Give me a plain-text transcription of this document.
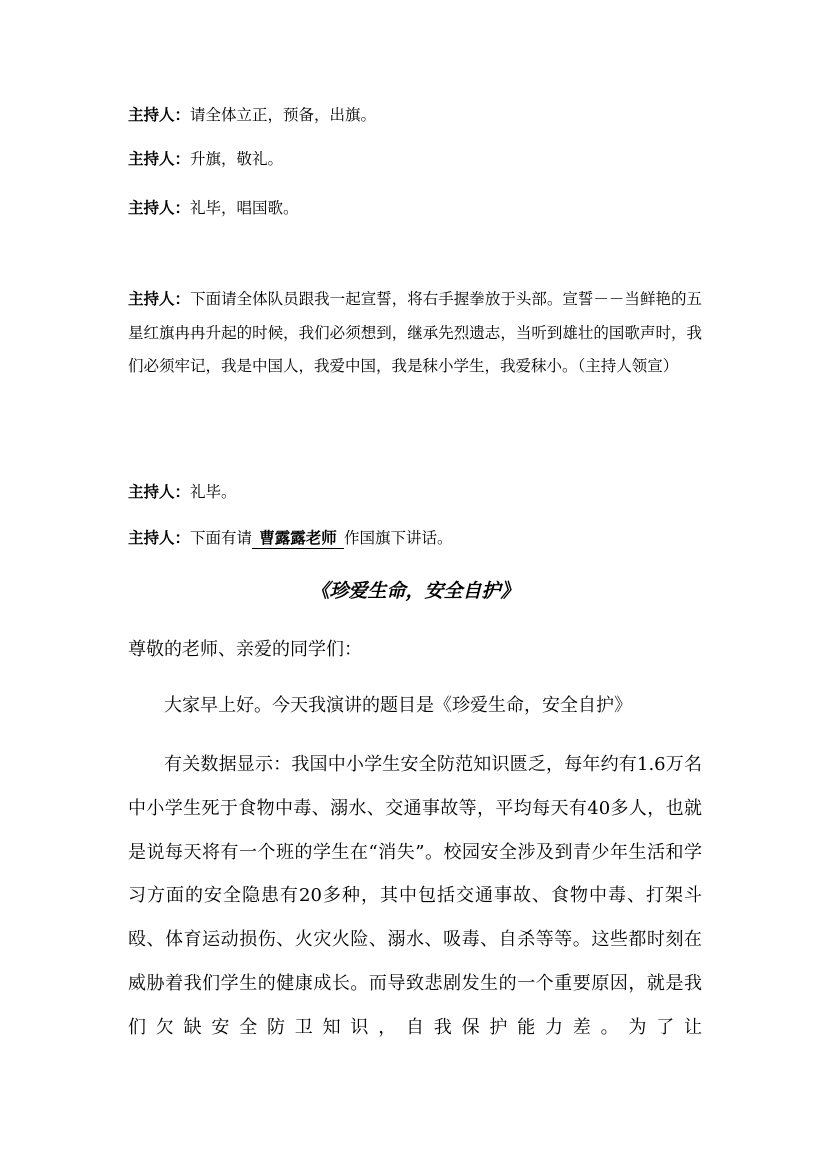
主持人：请全体立正，预备，出旗。

主持人：升旗，敬礼。

主持人：礼毕，唱国歌。

主持人：下面请全体队员跟我一起宣誓，将右手握拳放于头部。宣誓－－当鲜艳的五星红旗冉冉升起的时候，我们必须想到，继承先烈遗志，当听到雄壮的国歌声时，我们必须牢记，我是中国人，我爱中国，我是秣小学生，我爱秣小。（主持人领宣）

主持人：礼毕。

主持人：下面有请 曹露露老师 作国旗下讲话。

《珍爱生命，安全自护》

尊敬的老师、亲爱的同学们：

大家早上好。今天我演讲的题目是《珍爱生命，安全自护》

有关数据显示：我国中小学生安全防范知识匮乏，每年约有1.6万名中小学生死于食物中毒、溺水、交通事故等，平均每天有40多人，也就是说每天将有一个班的学生在“消失”。校园安全涉及到青少年生活和学习方面的安全隐患有20多种，其中包括交通事故、食物中毒、打架斗殴、体育运动损伤、火灾火险、溺水、吸毒、自杀等等。这些都时刻在威胁着我们学生的健康成长。而导致悲剧发生的一个重要原因，就是我们欠缺安全防卫知识，自我保护能力差。为了让
